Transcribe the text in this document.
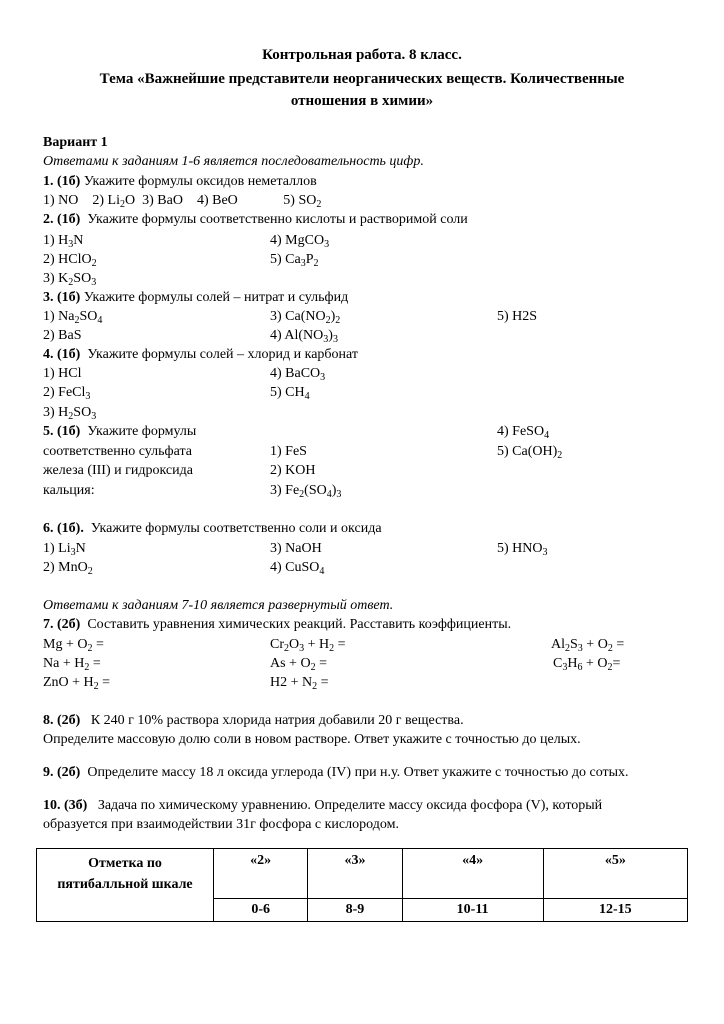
Контрольная работа. 8 класс.
Тема «Важнейшие представители неорганических веществ. Количественные
отношения в химии»
Вариант 1
Ответами к заданиям 1-6 является последовательность цифр.
1. (1б) Укажите формулы оксидов неметаллов
1) NO 2) $Li_2O$ 3) BaO 4) BeO	5) $SO_2$
2. (1б) Укажите формулы соответственно кислоты и растворимой соли
1) $H_3N$
2) HClO$_2$
3) $K_2SO_3$
4) MgCO$_3$
5) $Ca_3P_2$
3. (1б) Укажите формулы солей – нитрат и сульфид
1) $Na_2SO_4$
2) BaS
3) $Ca(NO_2)_2$
4) $Al(NO_3)_3$
5) H2S
4. (1б) Укажите формулы солей – хлорид и карбонат
1) HCl
2) FeCl$_3$
3) $H_2SO_3$
4) BaCO$_3$
5) $CH_4$
5. (1б) Укажите формулы
соответственно сульфата
железа (III) и гидроксида
кальция:
1) FeS
2) KOH
3) $Fe_2(SO_4)_3$
4) FeSO$_4$
5) $Ca(OH)_2$
6. (1б). Укажите формулы соответственно соли и оксида
1) $Li_3N$
2) MnO$_2$
3) NaOH
4) CuSO$_4$
5) $HNO_3$
Ответами к заданиям 7-10 является развернутый ответ.
7. (2б) Составить уравнения химических реакций. Расставить коэффициенты.
$Mg + O_2$ =
$Na + H_2$ =
ZnO + $H_2$ =
$Cr_2O_3 + H_2$ =
$As + O_2$ =
$H2 + N_2$ =
$Al_2S_3 + O_2$ =
$C_3H_6 + O_2=$
8. (2б) К 240 г 10% раствора хлорида натрия добавили 20 г вещества.
Определите массовую долю соли в новом растворе. Ответ укажите с точностью до целых.
9. (2б) Определите массу 18 л оксида углерода (IV) при н.у. Ответ укажите с точностью до сотых.
10. (3б) Задача по химическому уравнению. Определите массу оксида фосфора (V), который
образуется при взаимодействии 31г фосфора с кислородом.
Отметка по
пятибалльной шкале	«2»	«3»	«4»	«5»
	0-6	8-9	10-11	12-15
